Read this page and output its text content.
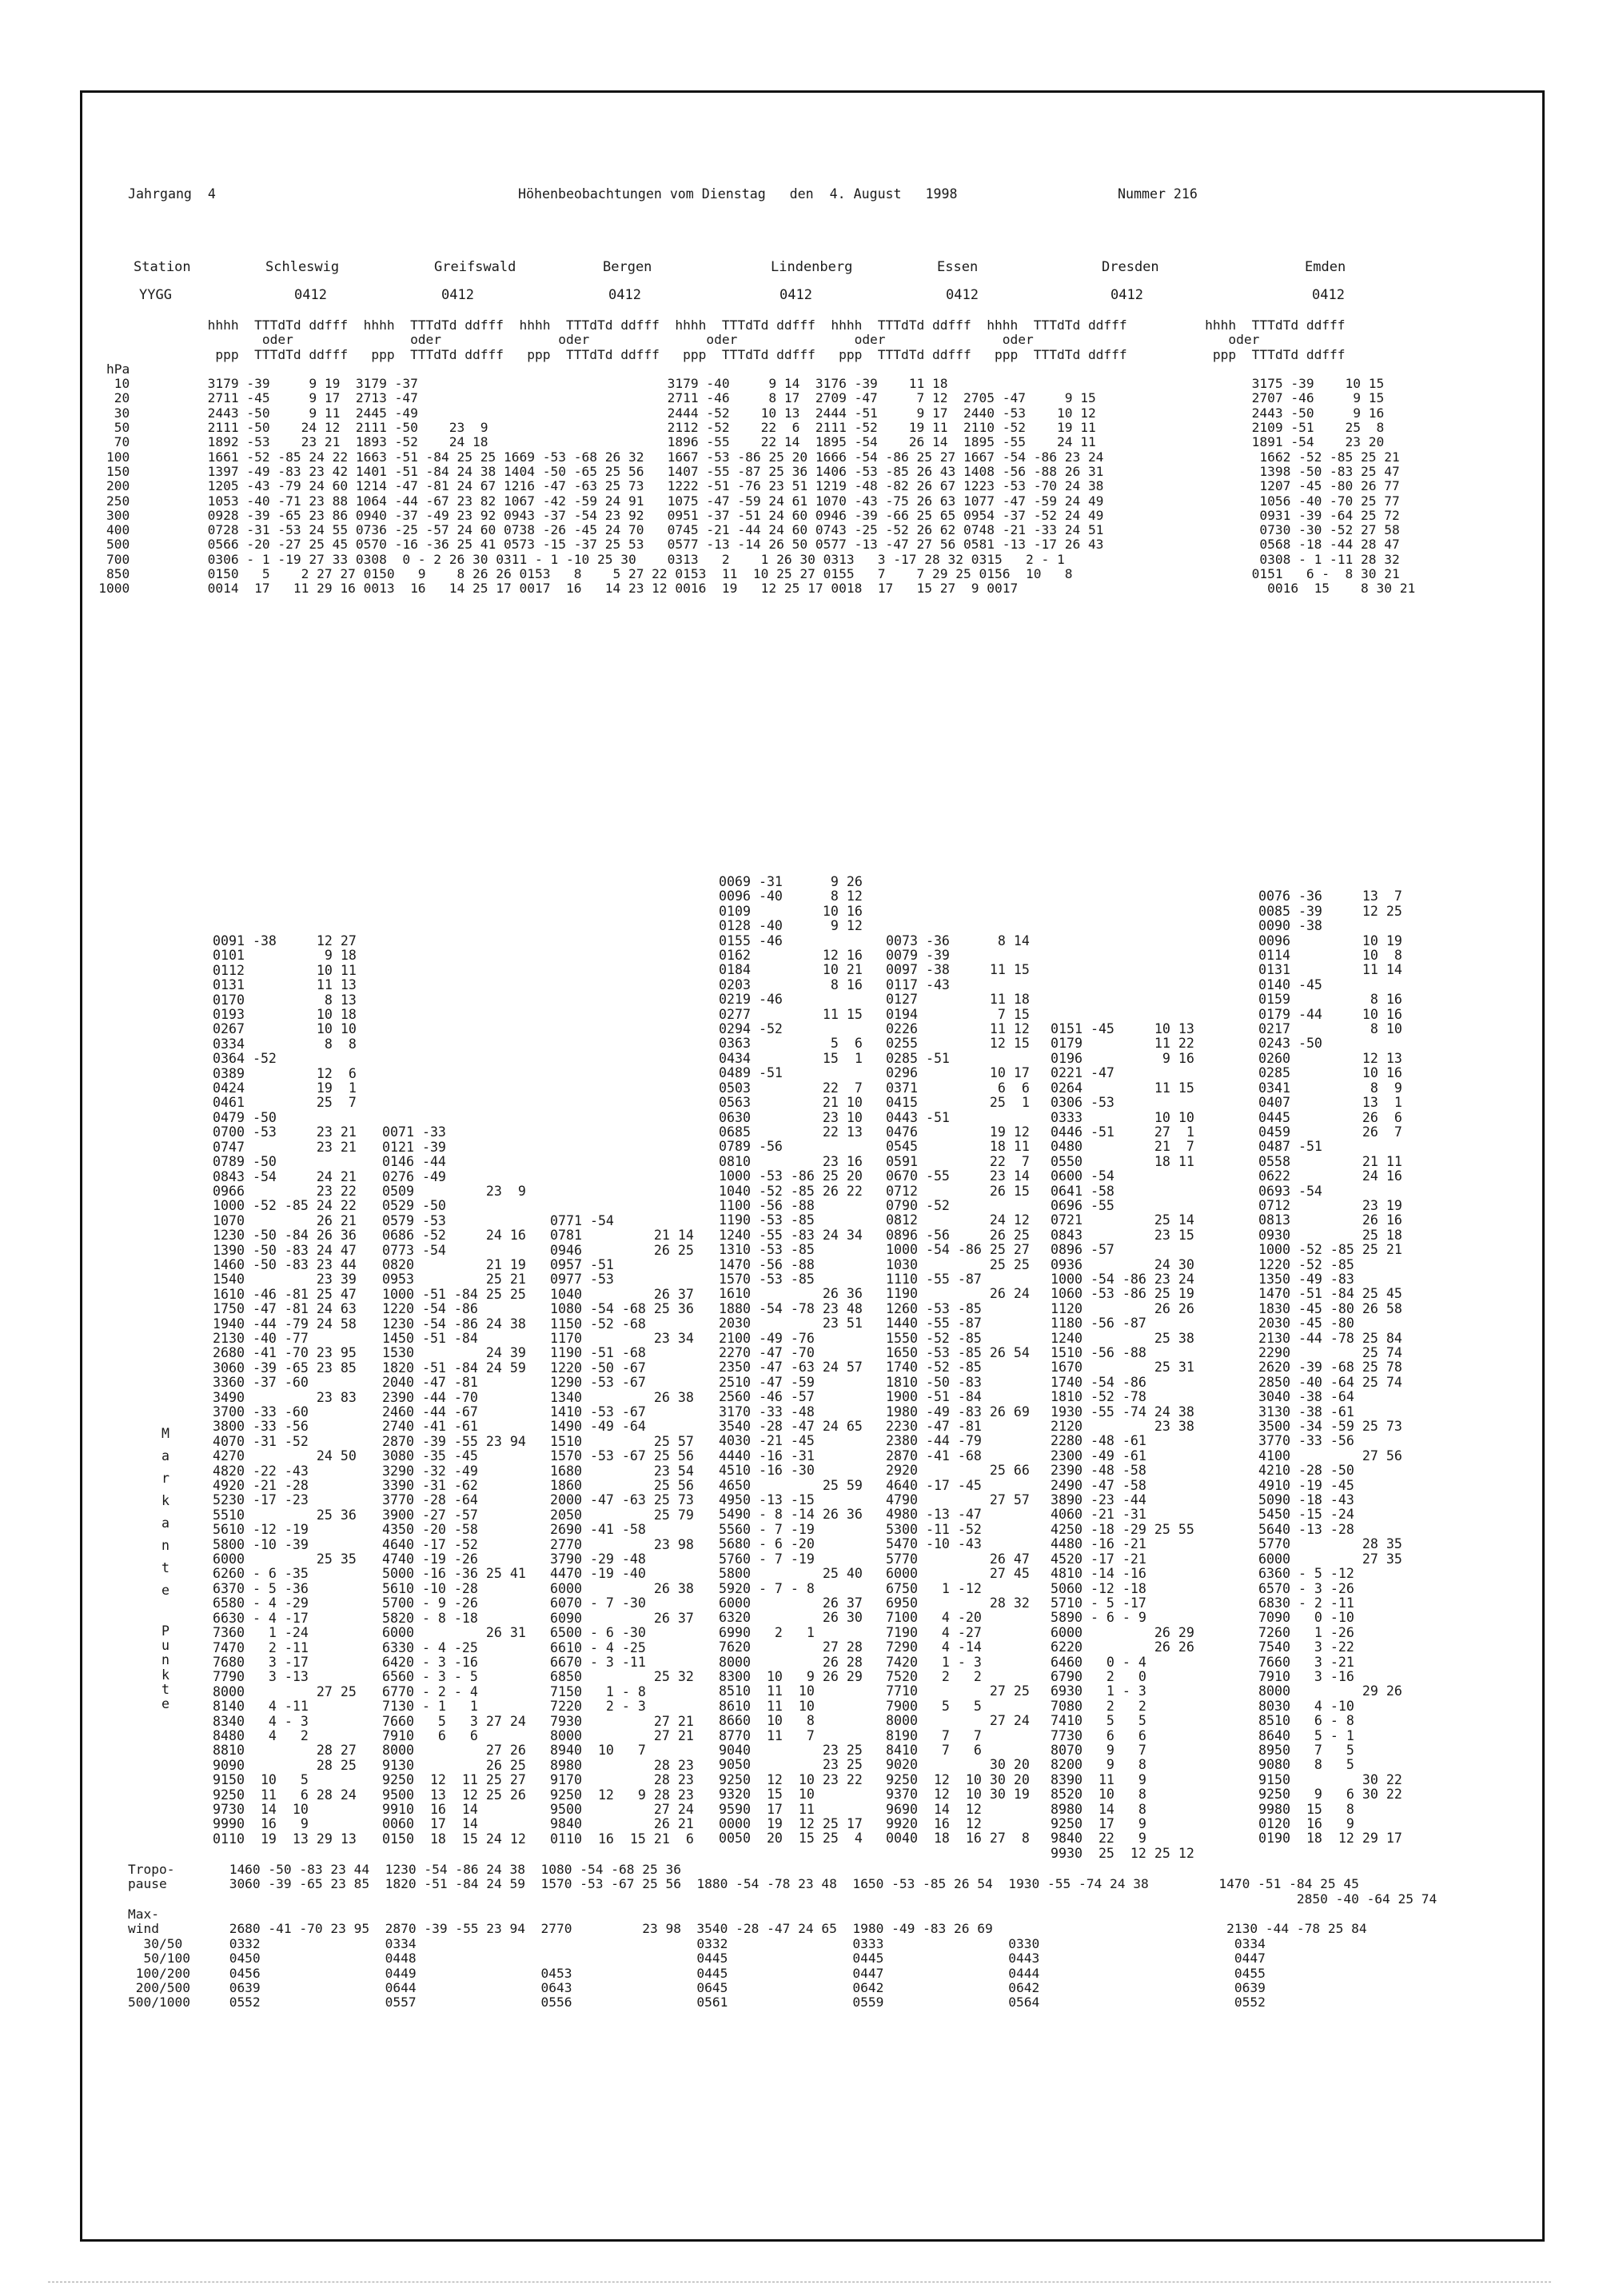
Jahrgang  4	Höhenbeobachtungen vom Dienstag   den  4. August   1998	Nummer 216
Station
YYGG
Schleswig
0412
Greifswald
0412
Bergen
0412
Lindenberg
0412
Essen
0412
Dresden
0412
Emden
0412
hhhh  TTTdTd ddfff  hhhh  TTTdTd ddfff  hhhh  TTTdTd ddfff  hhhh  TTTdTd ddfff  hhhh  TTTdTd ddfff  hhhh  TTTdTd ddfff          hhhh  TTTdTd ddfff
oder               oder               oder               oder               oder               oder                         oder
ppp  TTTdTd ddfff   ppp  TTTdTd ddfff   ppp  TTTdTd ddfff   ppp  TTTdTd ddfff   ppp  TTTdTd ddfff   ppp  TTTdTd ddfff           ppp  TTTdTd ddfff
hPa
10          3179 -39     9 19  3179 -37                                3179 -40     9 14  3176 -39    11 18                                       3175 -39    10 15
20          2711 -45     9 17  2713 -47                                2711 -46     8 17  2709 -47     7 12  2705 -47     9 15                    2707 -46     9 15
30          2443 -50     9 11  2445 -49                                2444 -52    10 13  2444 -51     9 17  2440 -53    10 12                    2443 -50     9 16
50          2111 -50    24 12  2111 -50    23  9                       2112 -52    22  6  2111 -52    19 11  2110 -52    19 11                    2109 -51    25  8
70          1892 -53    23 21  1893 -52    24 18                       1896 -55    22 14  1895 -54    26 14  1895 -55    24 11                    1891 -54    23 20
100          1661 -52 -85 24 22 1663 -51 -84 25 25 1669 -53 -68 26 32   1667 -53 -86 25 20 1666 -54 -86 25 27 1667 -54 -86 23 24                    1662 -52 -85 25 21
150          1397 -49 -83 23 42 1401 -51 -84 24 38 1404 -50 -65 25 56   1407 -55 -87 25 36 1406 -53 -85 26 43 1408 -56 -88 26 31                    1398 -50 -83 25 47
200          1205 -43 -79 24 60 1214 -47 -81 24 67 1216 -47 -63 25 73   1222 -51 -76 23 51 1219 -48 -82 26 67 1223 -53 -70 24 38                    1207 -45 -80 26 77
250          1053 -40 -71 23 88 1064 -44 -67 23 82 1067 -42 -59 24 91   1075 -47 -59 24 61 1070 -43 -75 26 63 1077 -47 -59 24 49                    1056 -40 -70 25 77
300          0928 -39 -65 23 86 0940 -37 -49 23 92 0943 -37 -54 23 92   0951 -37 -51 24 60 0946 -39 -66 25 65 0954 -37 -52 24 49                    0931 -39 -64 25 72
400          0728 -31 -53 24 55 0736 -25 -57 24 60 0738 -26 -45 24 70   0745 -21 -44 24 60 0743 -25 -52 26 62 0748 -21 -33 24 51                    0730 -30 -52 27 58
500          0566 -20 -27 25 45 0570 -16 -36 25 41 0573 -15 -37 25 53   0577 -13 -14 26 50 0577 -13 -47 27 56 0581 -13 -17 26 43                    0568 -18 -44 28 47
700          0306 - 1 -19 27 33 0308  0 - 2 26 30 0311 - 1 -10 25 30    0313   2    1 26 30 0313   3 -17 28 32 0315   2 - 1                         0308 - 1 -11 28 32
850          0150   5    2 27 27 0150   9    8 26 26 0153   8    5 27 22 0153  11  10 25 27 0155   7    7 29 25 0156  10   8                       0151   6 -  8 30 21
1000          0014  17   11 29 16 0013  16   14 25 17 0017  16   14 23 12 0016  19   12 25 17 0018  17   15 27  9 0017                                0016  15    8 30 21
M
a
r
k
a
n
t
e
P
u
n
k
t
e
0091 -38     12 27
0101          9 18
0112         10 11
0131         11 13
0170          8 13
0193         10 18
0267         10 10
0334          8  8
0364 -52
0389         12  6
0424         19  1
0461         25  7
0479 -50
0700 -53     23 21
0747         23 21
0789 -50
0843 -54     24 21
0966         23 22
1000 -52 -85 24 22
1070         26 21
1230 -50 -84 26 36
1390 -50 -83 24 47
1460 -50 -83 23 44
1540         23 39
1610 -46 -81 25 47
1750 -47 -81 24 63
1940 -44 -79 24 58
2130 -40 -77
2680 -41 -70 23 95
3060 -39 -65 23 85
3360 -37 -60
3490         23 83
3700 -33 -60
3800 -33 -56
4070 -31 -52
4270         24 50
4820 -22 -43
4920 -21 -28
5230 -17 -23
5510         25 36
5610 -12 -19
5800 -10 -39
6000         25 35
6260 - 6 -35
6370 - 5 -36
6580 - 4 -29
6630 - 4 -17
7360   1 -24
7470   2 -11
7680   3 -17
7790   3 -13
8000         27 25
8140   4 -11
8340   4 - 3
8480   4   2
8810         28 27
9090         28 25
9150  10   5
9250  11   6 28 24
9730  14  10
9990  16   9
0110  19  13 29 13

0071 -33
0121 -39
0146 -44
0276 -49
0509         23  9
0529 -50
0579 -53
0686 -52     24 16
0773 -54
0820         21 19
0953         25 21
1000 -51 -84 25 25
1220 -54 -86
1230 -54 -86 24 38
1450 -51 -84
1530         24 39
1820 -51 -84 24 59
2040 -47 -81
2390 -44 -70
2460 -44 -67
2740 -41 -61
2870 -39 -55 23 94
3080 -35 -45
3290 -32 -49
3390 -31 -62
3770 -28 -64
3900 -27 -57
4350 -20 -58
4640 -17 -52
4740 -19 -26
5000 -16 -36 25 41
5610 -10 -28
5700 - 9 -26
5820 - 8 -18
6000         26 31
6330 - 4 -25
6420 - 3 -16
6560 - 3 - 5
6770 - 2 - 4
7130 - 1   1
7660   5   3 27 24
7910   6   6
8000         27 26
9130         26 25
9250  12  11 25 27
9500  13  12 25 26
9910  16  14
0060  17  14
0150  18  15 24 12

0771 -54
0781         21 14
0946         26 25
0957 -51
0977 -53
1040         26 37
1080 -54 -68 25 36
1150 -52 -68
1170         23 34
1190 -51 -68
1220 -50 -67
1290 -53 -67
1340         26 38
1410 -53 -67
1490 -49 -64
1510         25 57
1570 -53 -67 25 56
1680         23 54
1860         25 56
2000 -47 -63 25 73
2050         25 79
2690 -41 -58
2770         23 98
3790 -29 -48
4470 -19 -40
6000         26 38
6070 - 7 -30
6090         26 37
6500 - 6 -30
6610 - 4 -25
6670 - 3 -11
6850         25 32
7150   1 - 8
7220   2 - 3
7930         27 21
8000         27 21
8940  10   7
8980         28 23
9170         28 23
9250  12   9 28 23
9500         27 24
9840         26 21
0110  16  15 21  6
0069 -31      9 26
0096 -40      8 12
0109         10 16
0128 -40      9 12
0155 -46
0162         12 16
0184         10 21
0203          8 16
0219 -46
0277         11 15
0294 -52
0363          5  6
0434         15  1
0489 -51
0503         22  7
0563         21 10
0630         23 10
0685         22 13
0789 -56
0810         23 16
1000 -53 -86 25 20
1040 -52 -85 26 22
1100 -56 -88
1190 -53 -85
1240 -55 -83 24 34
1310 -53 -85
1470 -56 -88
1570 -53 -85
1610         26 36
1880 -54 -78 23 48
2030         23 51
2100 -49 -76
2270 -47 -70
2350 -47 -63 24 57
2510 -47 -59
2560 -46 -57
3170 -33 -48
3540 -28 -47 24 65
4030 -21 -45
4440 -16 -31
4510 -16 -30
4650         25 59
4950 -13 -15
5490 - 8 -14 26 36
5560 - 7 -19
5680 - 6 -20
5760 - 7 -19
5800         25 40
5920 - 7 - 8
6000         26 37
6320         26 30
6990   2   1
7620         27 28
8000         26 28
8300  10   9 26 29
8510  11  10
8610  11  10
8660  10   8
8770  11   7
9040         23 25
9050         23 25
9250  12  10 23 22
9320  15  10
9590  17  11
0000  19  12 25 17
0050  20  15 25  4

0073 -36      8 14
0079 -39
0097 -38     11 15
0117 -43
0127         11 18
0194          7 15
0226         11 12
0255         12 15
0285 -51
0296         10 17
0371          6  6
0415         25  1
0443 -51
0476         19 12
0545         18 11
0591         22  7
0670 -55     23 14
0712         26 15
0790 -52
0812         24 12
0896 -56     26 25
1000 -54 -86 25 27
1030         25 25
1110 -55 -87
1190         26 24
1260 -53 -85
1440 -55 -87
1550 -52 -85
1650 -53 -85 26 54
1740 -52 -85
1810 -50 -83
1900 -51 -84
1980 -49 -83 26 69
2230 -47 -81
2380 -44 -79
2870 -41 -68
2920         25 66
4640 -17 -45
4790         27 57
4980 -13 -47
5300 -11 -52
5470 -10 -43
5770         26 47
6000         27 45
6750   1 -12
6950         28 32
7100   4 -20
7190   4 -27
7290   4 -14
7420   1 - 3
7520   2   2
7710         27 25
7900   5   5
8000         27 24
8190   7   7
8410   7   6
9020         30 20
9250  12  10 30 20
9370  12  10 30 19
9690  14  12
9920  16  12
0040  18  16 27  8

0151 -45     10 13
0179         11 22
0196          9 16
0221 -47
0264         11 15
0306 -53
0333         10 10
0446 -51     27  1
0480         21  7
0550         18 11
0600 -54
0641 -58
0696 -55
0721         25 14
0843         23 15
0896 -57
0936         24 30
1000 -54 -86 23 24
1060 -53 -86 25 19
1120         26 26
1180 -56 -87
1240         25 38
1510 -56 -88
1670         25 31
1740 -54 -86
1810 -52 -78
1930 -55 -74 24 38
2120         23 38
2280 -48 -61
2300 -49 -61
2390 -48 -58
2490 -47 -58
3890 -23 -44
4060 -21 -31
4250 -18 -29 25 55
4480 -16 -21
4520 -17 -21
4810 -14 -16
5060 -12 -18
5710 - 5 -17
5890 - 6 - 9
6000         26 29
6220         26 26
6460   0 - 4
6790   2   0
6930   1 - 3
7080   2   2
7410   5   5
7730   6   6
8070   9   7
8200   9   8
8390  11   9
8520  10   8
8980  14   8
9250  17   9
9840  22   9
9930  25  12 25 12

0076 -36     13  7
0085 -39     12 25
0090 -38
0096         10 19
0114         10  8
0131         11 14
0140 -45
0159          8 16
0179 -44     10 16
0217          8 10
0243 -50
0260         12 13
0285         10 16
0341          8  9
0407         13  1
0445         26  6
0459         26  7
0487 -51
0558         21 11
0622         24 16
0693 -54
0712         23 19
0813         26 16
0930         25 18
1000 -52 -85 25 21
1220 -52 -85
1350 -49 -83
1470 -51 -84 25 45
1830 -45 -80 26 58
2030 -45 -80
2130 -44 -78 25 84
2290         25 74
2620 -39 -68 25 78
2850 -40 -64 25 74
3040 -38 -64
3130 -38 -61
3500 -34 -59 25 73
3770 -33 -56
4100         27 56
4210 -28 -50
4910 -19 -45
5090 -18 -43
5450 -15 -24
5640 -13 -28
5770         28 35
6000         27 35
6360 - 5 -12
6570 - 3 -26
6830 - 2 -11
7090   0 -10
7260   1 -26
7540   3 -22
7660   3 -21
7910   3 -16
8000         29 26
8030   4 -10
8510   6 - 8
8640   5 - 1
8950   7   5
9080   8   5
9150         30 22
9250   9   6 30 22
9980  15   8
0120  16   9
0190  18  12 29 17
Tropo-       1460 -50 -83 23 44  1230 -54 -86 24 38  1080 -54 -68 25 36
pause        3060 -39 -65 23 85  1820 -51 -84 24 59  1570 -53 -67 25 56  1880 -54 -78 23 48  1650 -53 -85 26 54  1930 -55 -74 24 38         1470 -51 -84 25 45
2850 -40 -64 25 74
Max-
wind         2680 -41 -70 23 95  2870 -39 -55 23 94  2770         23 98  3540 -28 -47 24 65  1980 -49 -83 26 69                              2130 -44 -78 25 84
30/50      0332                0334                                    0332                0333                0330                         0334
50/100     0450                0448                                    0445                0445                0443                         0447
100/200     0456                0449                0453                0445                0447                0444                         0455
200/500     0639                0644                0643                0645                0642                0642                         0639
500/1000     0552                0557                0556                0561                0559                0564                         0552
